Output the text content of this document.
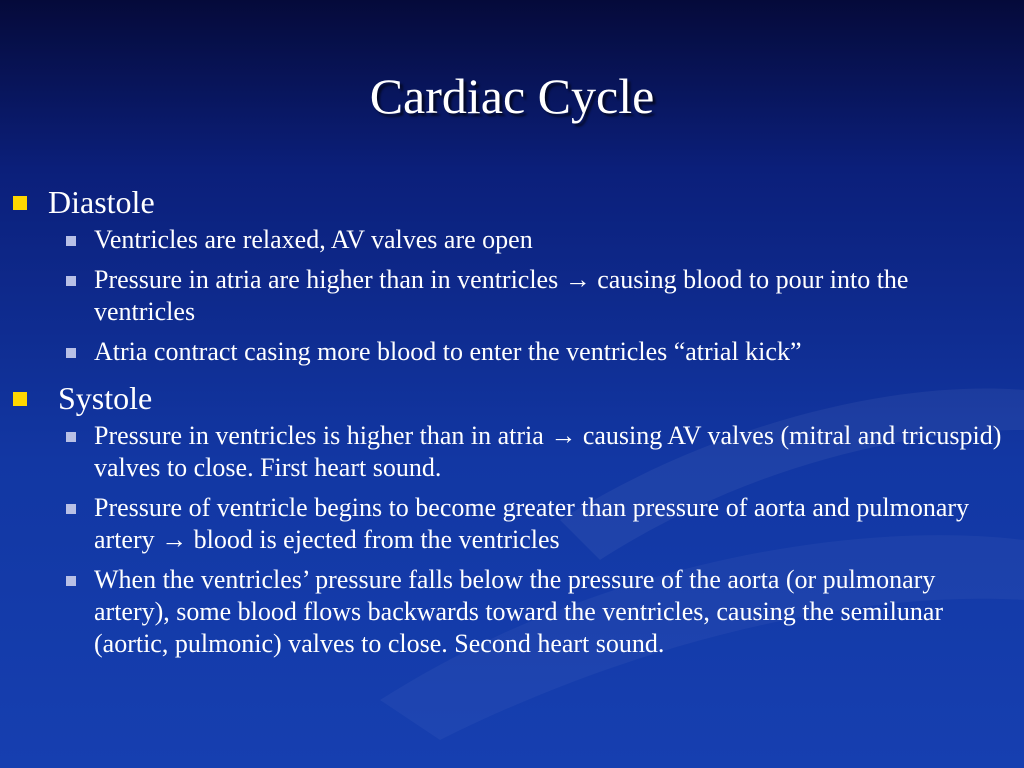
Cardiac Cycle
Diastole
Ventricles are relaxed, AV valves are open
Pressure in atria are higher than in ventricles → causing blood to pour into the ventricles
Atria contract casing more blood to enter the ventricles “atrial kick”
Systole
Pressure in ventricles is higher than in atria → causing AV valves (mitral and tricuspid) valves to close. First heart sound.
Pressure of ventricle begins to become greater than pressure of aorta and pulmonary artery → blood is ejected from the ventricles
When the ventricles’ pressure falls below the pressure of the aorta (or pulmonary artery), some blood flows backwards toward the ventricles, causing the semilunar (aortic, pulmonic) valves to close. Second heart sound.
